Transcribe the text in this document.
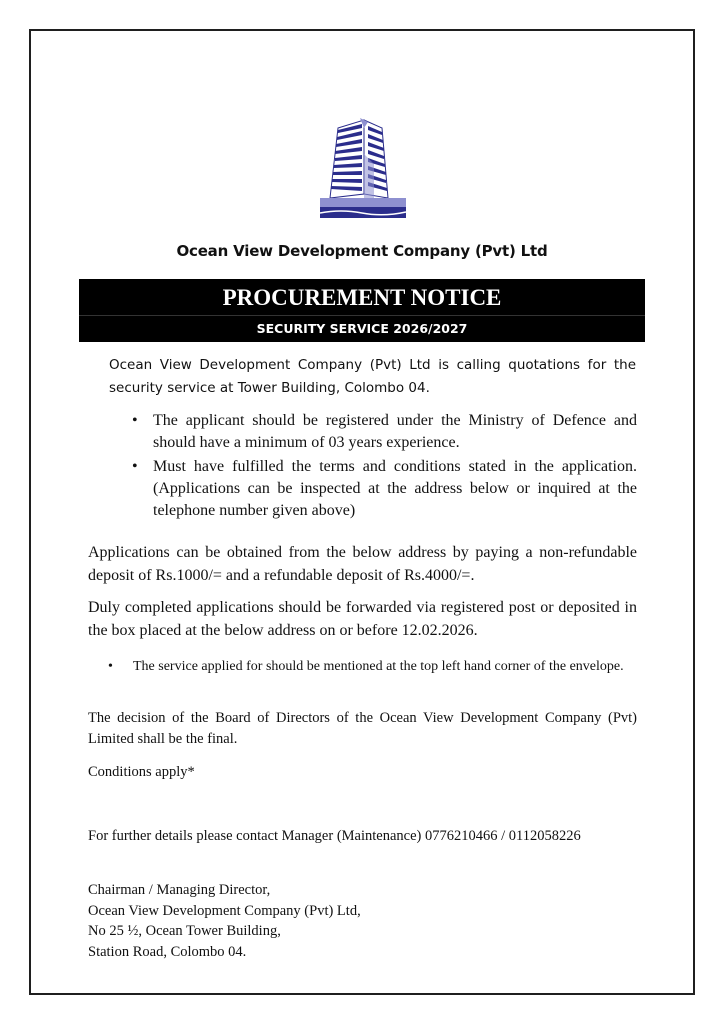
Ocean View Development Company (Pvt) Ltd
PROCUREMENT NOTICE
SECURITY SERVICE 2026/2027
Ocean View Development Company (Pvt) Ltd is calling quotations for the security service at Tower Building, Colombo 04.
• The applicant should be registered under the Ministry of Defence and should have a minimum of 03 years experience.
• Must have fulfilled the terms and conditions stated in the application. (Applications can be inspected at the address below or inquired at the telephone number given above)
Applications can be obtained from the below address by paying a non-refundable deposit of Rs.1000/= and a refundable deposit of Rs.4000/=.
Duly completed applications should be forwarded via registered post or deposited in the box placed at the below address on or before 12.02.2026.
• The service applied for should be mentioned at the top left hand corner of the envelope.
The decision of the Board of Directors of the Ocean View Development Company (Pvt) Limited shall be the final.
Conditions apply*
For further details please contact Manager (Maintenance) 0776210466 / 0112058226
Chairman / Managing Director,
Ocean View Development Company (Pvt) Ltd,
No 25 ½, Ocean Tower Building,
Station Road, Colombo 04.
